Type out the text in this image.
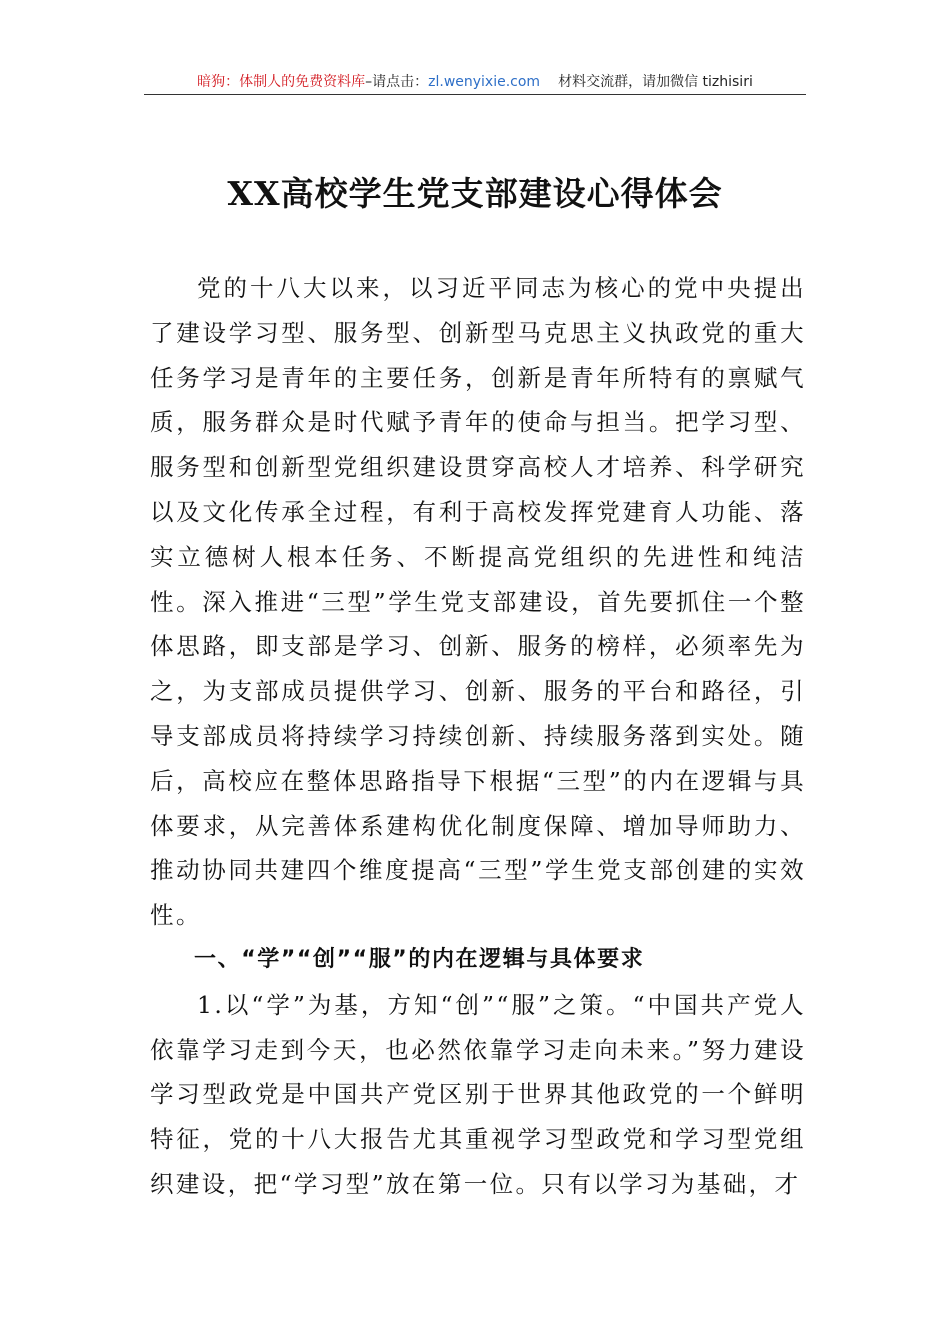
暗狗：体制人的免费资料库–请点击：zl.wenyixie.com 材料交流群，请加微信 tizhisiri
XX高校学生党支部建设心得体会

党的十八大以来，以习近平同志为核心的党中央提出了建设学习型、服务型、创新型马克思主义执政党的重大任务学习是青年的主要任务，创新是青年所特有的禀赋气质，服务群众是时代赋予青年的使命与担当。把学习型、服务型和创新型党组织建设贯穿高校人才培养、科学研究以及文化传承全过程，有利于高校发挥党建育人功能、落实立德树人根本任务、不断提高党组织的先进性和纯洁性。深入推进“三型”学生党支部建设，首先要抓住一个整体思路，即支部是学习、创新、服务的榜样，必须率先为之，为支部成员提供学习、创新、服务的平台和路径，引导支部成员将持续学习持续创新、持续服务落到实处。随后，高校应在整体思路指导下根据“三型”的内在逻辑与具体要求，从完善体系建构优化制度保障、增加导师助力、推动协同共建四个维度提高“三型”学生党支部创建的实效性。

一、“学”“创”“服”的内在逻辑与具体要求

1.以“学”为基，方知“创”“服”之策。“中国共产党人依靠学习走到今天，也必然依靠学习走向未来。”努力建设学习型政党是中国共产党区别于世界其他政党的一个鲜明特征，党的十八大报告尤其重视学习型政党和学习型党组织建设，把“学习型”放在第一位。只有以学习为基础，才
